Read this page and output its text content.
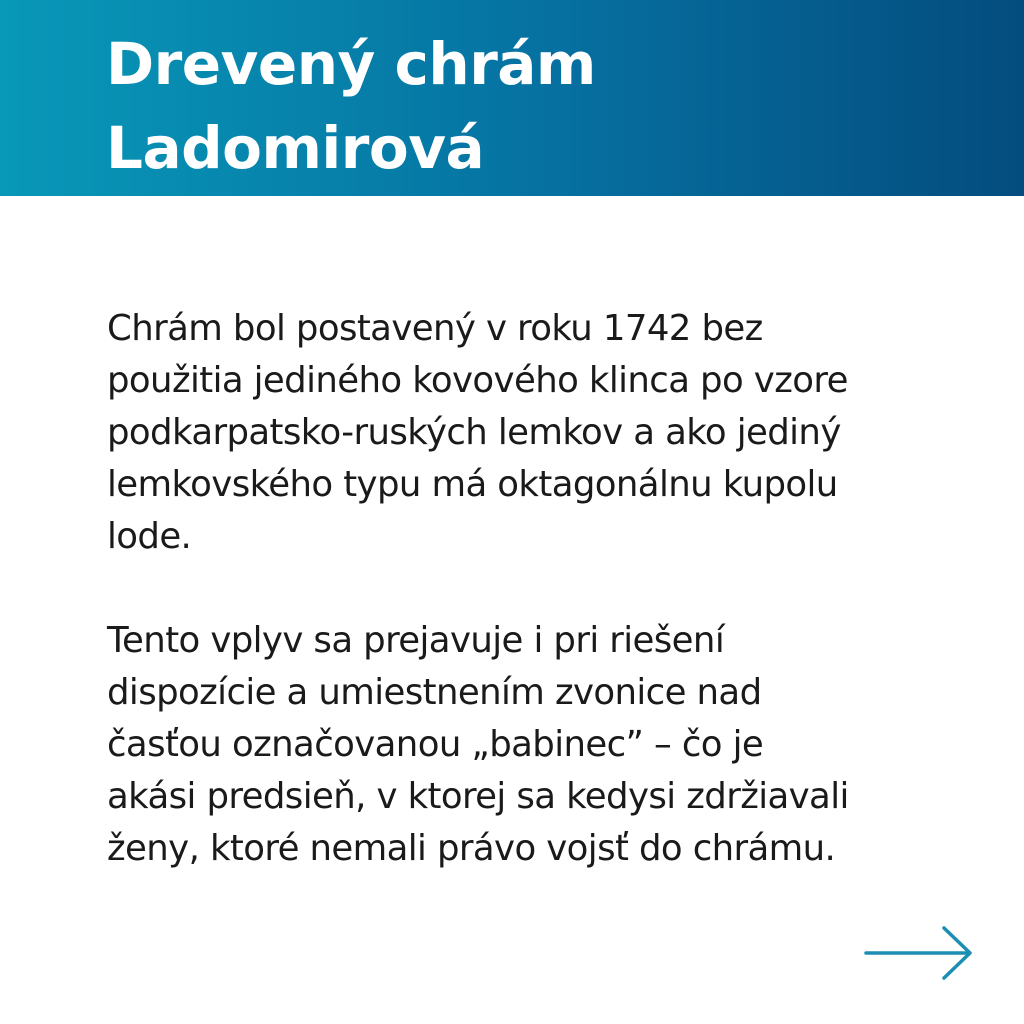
Drevený chrám
Ladomirová

Chrám bol postavený v roku 1742 bez
použitia jediného kovového klinca po vzore
podkarpatsko-ruských lemkov a ako jediný
lemkovského typu má oktagonálnu kupolu
lode.

Tento vplyv sa prejavuje i pri riešení
dispozície a umiestnením zvonice nad
časťou označovanou „babinec” – čo je
akási predsieň, v ktorej sa kedysi zdržiavali
ženy, ktoré nemali právo vojsť do chrámu.
